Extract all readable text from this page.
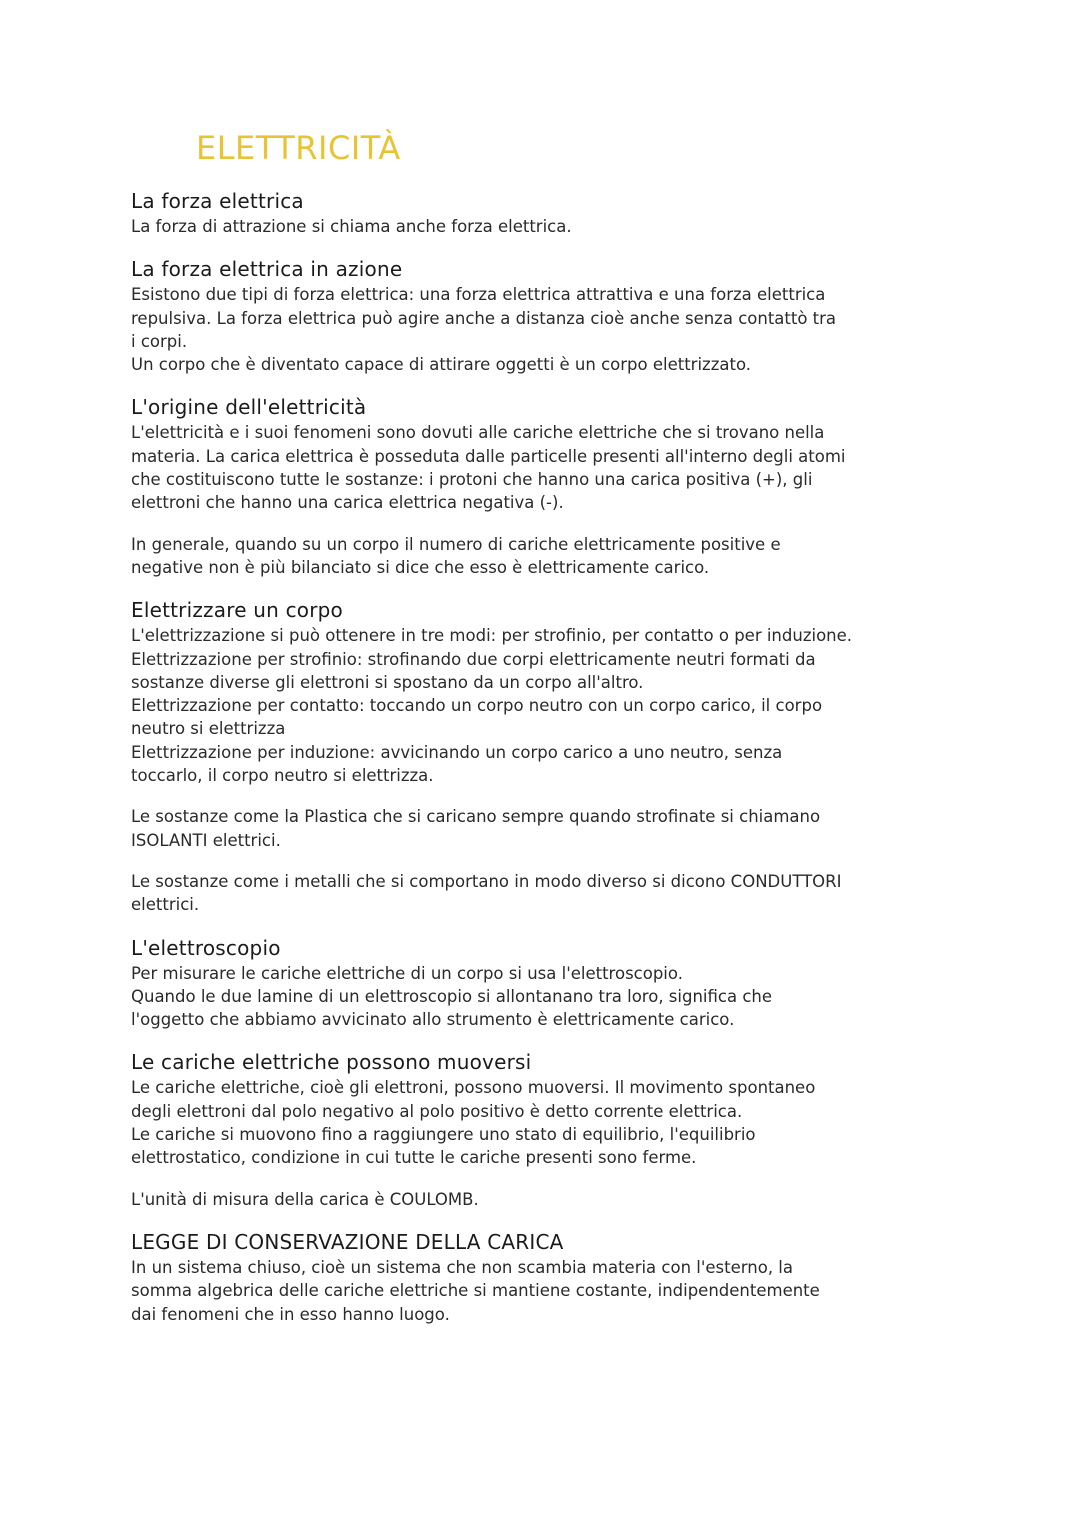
ELETTRICITÀ
La forza elettrica

La forza di attrazione si chiama anche forza elettrica.

La forza elettrica in azione

Esistono due tipi di forza elettrica: una forza elettrica attrattiva e una forza elettrica
repulsiva. La forza elettrica può agire anche a distanza cioè anche senza contattò tra
i corpi.
Un corpo che è diventato capace di attirare oggetti è un corpo elettrizzato.

L'origine dell'elettricità

L'elettricità e i suoi fenomeni sono dovuti alle cariche elettriche che si trovano nella
materia. La carica elettrica è posseduta dalle particelle presenti all'interno degli atomi
che costituiscono tutte le sostanze: i protoni che hanno una carica positiva (+), gli
elettroni che hanno una carica elettrica negativa (-).

In generale, quando su un corpo il numero di cariche elettricamente positive e
negative non è più bilanciato si dice che esso è elettricamente carico.

Elettrizzare un corpo

L'elettrizzazione si può ottenere in tre modi: per strofinio, per contatto o per induzione.
Elettrizzazione per strofinio: strofinando due corpi elettricamente neutri formati da
sostanze diverse gli elettroni si spostano da un corpo all'altro.
Elettrizzazione per contatto: toccando un corpo neutro con un corpo carico, il corpo
neutro si elettrizza
Elettrizzazione per induzione: avvicinando un corpo carico a uno neutro, senza
toccarlo, il corpo neutro si elettrizza.

Le sostanze come la Plastica che si caricano sempre quando strofinate si chiamano
ISOLANTI elettrici.

Le sostanze come i metalli che si comportano in modo diverso si dicono CONDUTTORI
elettrici.

L'elettroscopio

Per misurare le cariche elettriche di un corpo si usa l'elettroscopio.
Quando le due lamine di un elettroscopio si allontanano tra loro, significa che
l'oggetto che abbiamo avvicinato allo strumento è elettricamente carico.

Le cariche elettriche possono muoversi

Le cariche elettriche, cioè gli elettroni, possono muoversi. Il movimento spontaneo
degli elettroni dal polo negativo al polo positivo è detto corrente elettrica.
Le cariche si muovono fino a raggiungere uno stato di equilibrio, l'equilibrio
elettrostatico, condizione in cui tutte le cariche presenti sono ferme.

L'unità di misura della carica è COULOMB.

LEGGE DI CONSERVAZIONE DELLA CARICA

In un sistema chiuso, cioè un sistema che non scambia materia con l'esterno, la
somma algebrica delle cariche elettriche si mantiene costante, indipendentemente
dai fenomeni che in esso hanno luogo.
